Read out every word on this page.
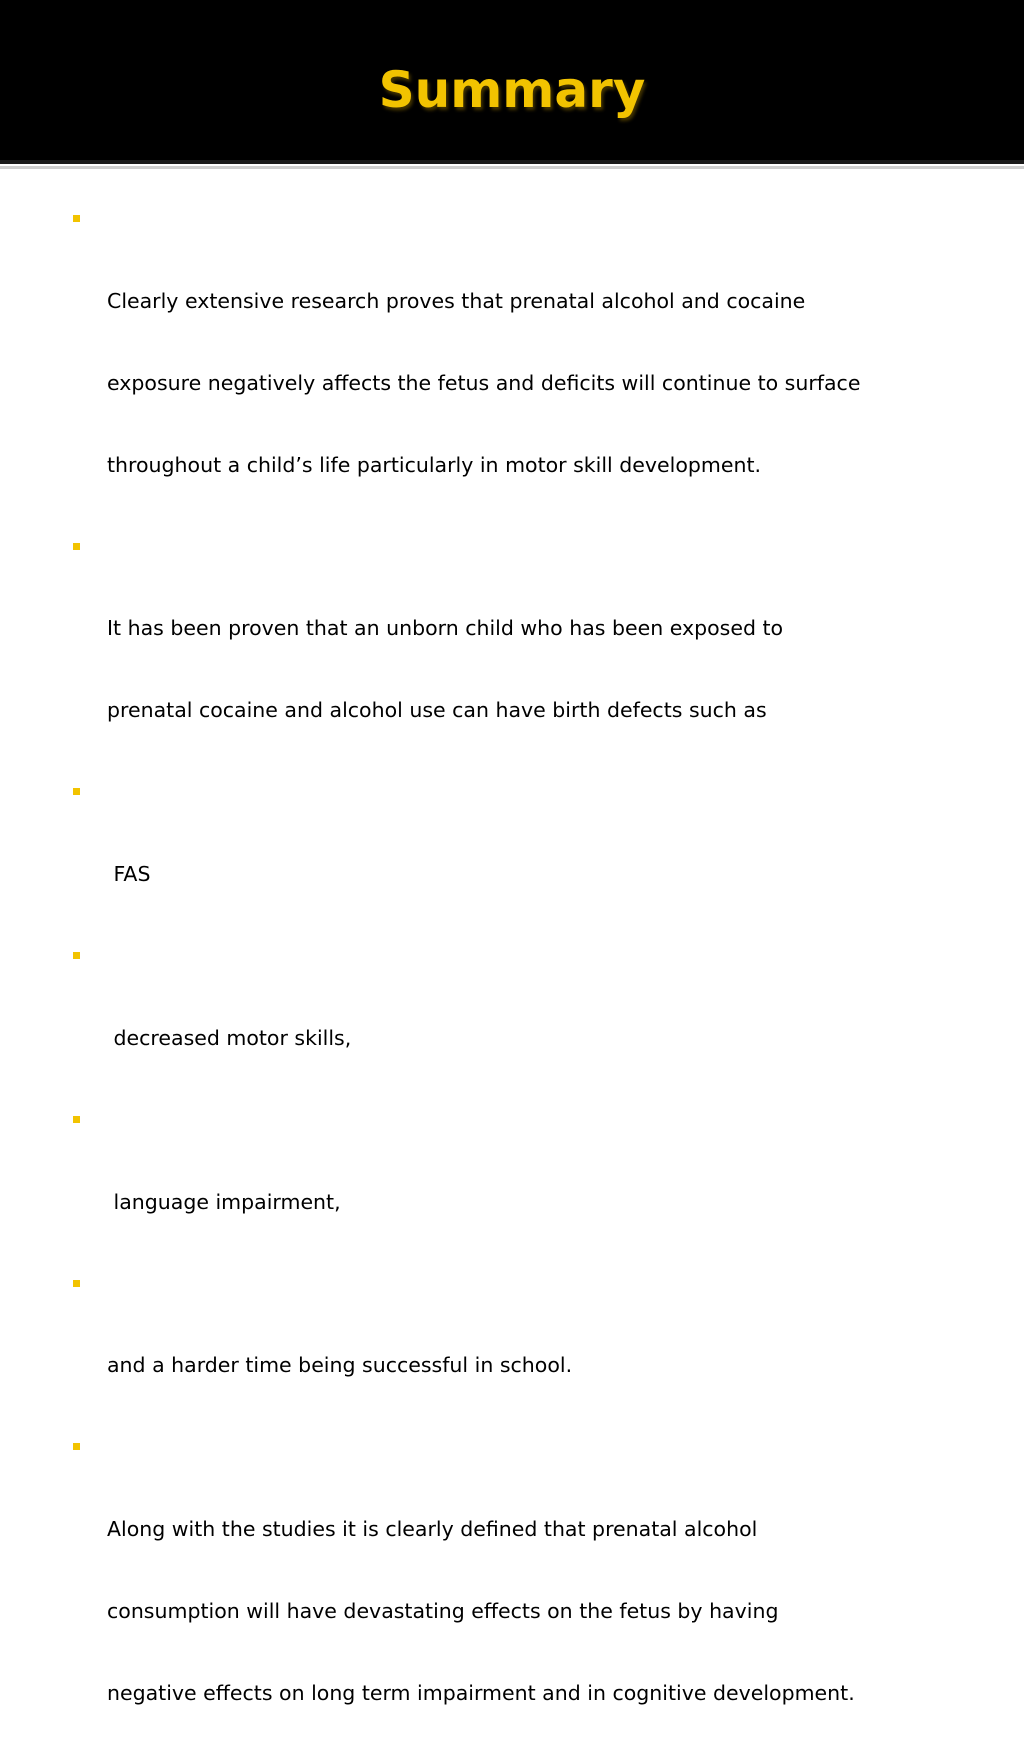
Summary

Clearly extensive research proves that prenatal alcohol and cocaine

exposure negatively affects the fetus and deficits will continue to surface

throughout a child’s life particularly in motor skill development.

It has been proven that an unborn child who has been exposed to

prenatal cocaine and alcohol use can have birth defects such as

FAS

decreased motor skills,

language impairment,

and a harder time being successful in school.

Along with the studies it is clearly defined that prenatal alcohol

consumption will have devastating effects on the fetus by having

negative effects on long term impairment and in cognitive development.
